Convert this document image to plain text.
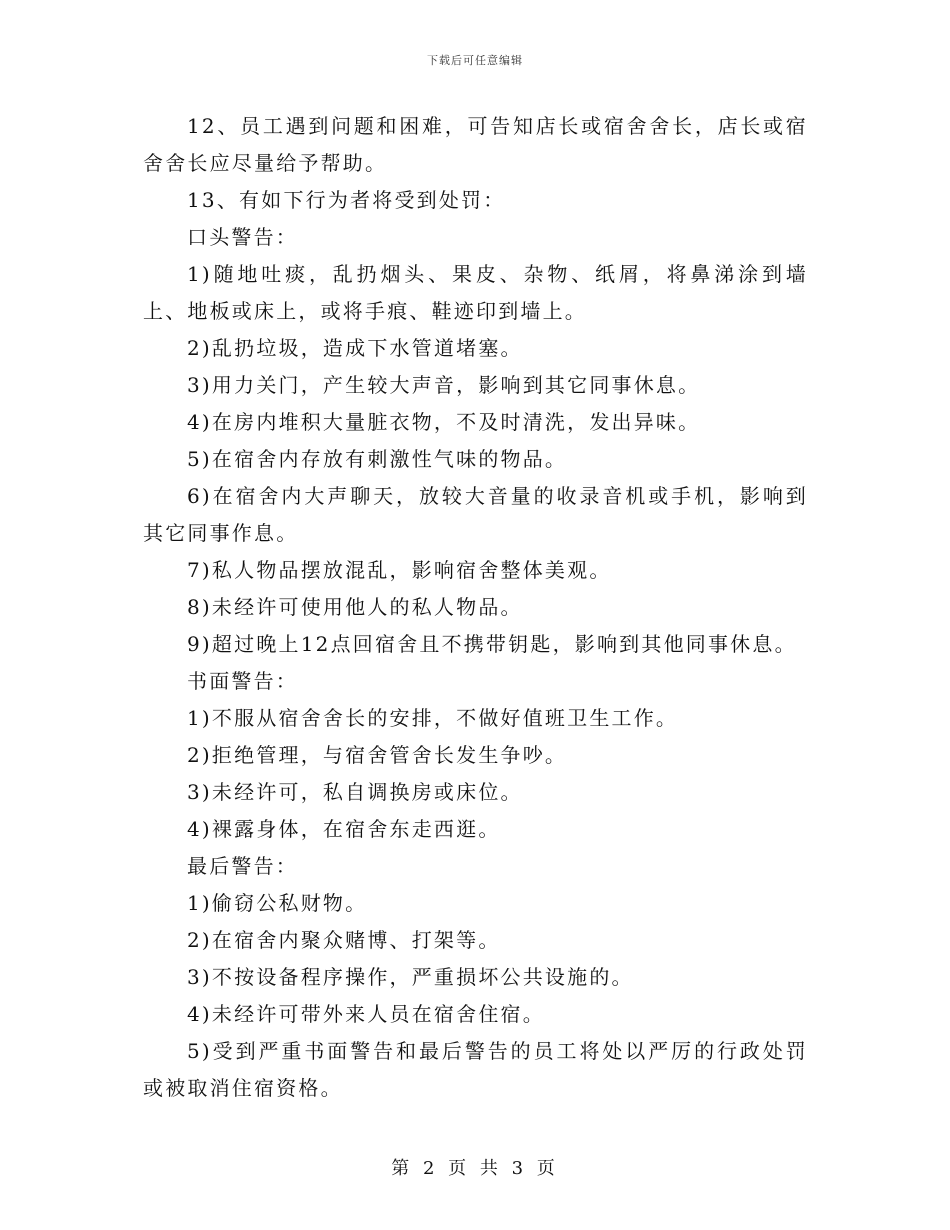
下载后可任意编辑

12、员工遇到问题和困难，可告知店长或宿舍舍长，店长或宿舍舍长应尽量给予帮助。

13、有如下行为者将受到处罚：

口头警告：

1)随地吐痰，乱扔烟头、果皮、杂物、纸屑，将鼻涕涂到墙上、地板或床上，或将手痕、鞋迹印到墙上。

2)乱扔垃圾，造成下水管道堵塞。

3)用力关门，产生较大声音，影响到其它同事休息。

4)在房内堆积大量脏衣物，不及时清洗，发出异味。

5)在宿舍内存放有刺激性气味的物品。

6)在宿舍内大声聊天，放较大音量的收录音机或手机，影响到其它同事作息。

7)私人物品摆放混乱，影响宿舍整体美观。

8)未经许可使用他人的私人物品。

9)超过晚上12点回宿舍且不携带钥匙，影响到其他同事休息。

书面警告：

1)不服从宿舍舍长的安排，不做好值班卫生工作。

2)拒绝管理，与宿舍管舍长发生争吵。

3)未经许可，私自调换房或床位。

4)裸露身体，在宿舍东走西逛。

最后警告：

1)偷窃公私财物。

2)在宿舍内聚众赌博、打架等。

3)不按设备程序操作，严重损坏公共设施的。

4)未经许可带外来人员在宿舍住宿。

5)受到严重书面警告和最后警告的员工将处以严厉的行政处罚或被取消住宿资格。

第 2 页 共 3 页
